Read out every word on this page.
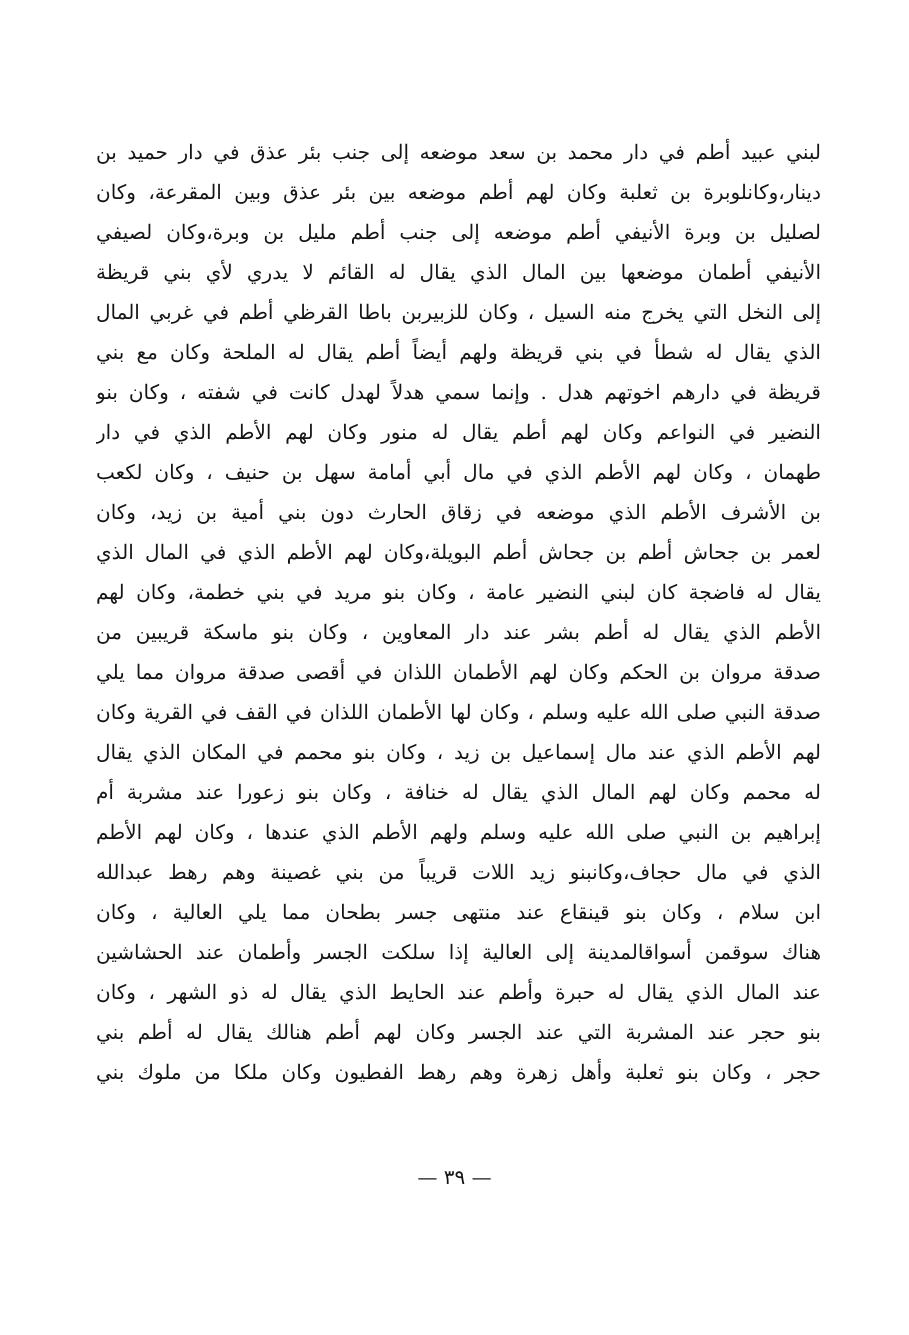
لبني عبيد أطم في دار محمد بن سعد موضعه إلى جنب بئر عذق في دار حميد بن
دينار،وكانلوبرة بن ثعلبة وكان لهم أطم موضعه بين بئر عذق وبين المقرعة، وكان
لصليل بن وبرة الأنيفي أطم موضعه إلى جنب أطم مليل بن وبرة،وكان لصيفي
الأنيفي أطمان موضعها بين المال الذي يقال له القائم لا يدري لأي بني قريظة
إلى النخل التي يخرج منه السيل ، وكان للزبيربن باطا القرظي أطم في غربي المال
الذي يقال له شطأ في بني قريظة ولهم أيضاً أطم يقال له الملحة وكان مع بني
قريظة في دارهم اخوتهم هدل . وإنما سمي هدلاً لهدل كانت في شفته ، وكان بنو
النضير في النواعم وكان لهم أطم يقال له منور وكان لهم الأطم الذي في دار
طهمان ، وكان لهم الأطم الذي في مال أبي أمامة سهل بن حنيف ، وكان لكعب
بن الأشرف الأطم الذي موضعه في زقاق الحارث دون بني أمية بن زيد، وكان
لعمر بن جحاش أطم بن جحاش أطم البويلة،وكان لهم الأطم الذي في المال الذي
يقال له فاضجة كان لبني النضير عامة ، وكان بنو مريد في بني خطمة، وكان لهم
الأطم الذي يقال له أطم بشر عند دار المعاوين ، وكان بنو ماسكة قريبين من
صدقة مروان بن الحكم وكان لهم الأطمان اللذان في أقصى صدقة مروان مما يلي
صدقة النبي صلى الله عليه وسلم ، وكان لها الأطمان اللذان في القف في القرية وكان
لهم الأطم الذي عند مال إسماعيل بن زيد ، وكان بنو محمم في المكان الذي يقال
له محمم وكان لهم المال الذي يقال له خنافة ، وكان بنو زعورا عند مشربة أم
إبراهيم بن النبي صلى الله عليه وسلم ولهم الأطم الذي عندها ، وكان لهم الأطم
الذي في مال حجاف،وكانبنو زيد اللات قريباً من بني غصينة وهم رهط عبدالله
ابن سلام ، وكان بنو قينقاع عند منتهى جسر بطحان مما يلي العالية ، وكان
هناك سوقمن أسواقالمدينة إلى العالية إذا سلكت الجسر وأطمان عند الحشاشين
عند المال الذي يقال له حبرة وأطم عند الحايط الذي يقال له ذو الشهر ، وكان
بنو حجر عند المشربة التي عند الجسر وكان لهم أطم هنالك يقال له أطم بني
حجر ، وكان بنو ثعلبة وأهل زهرة وهم رهط الفطيون وكان ملكا من ملوك بني
— ٣٩ —
